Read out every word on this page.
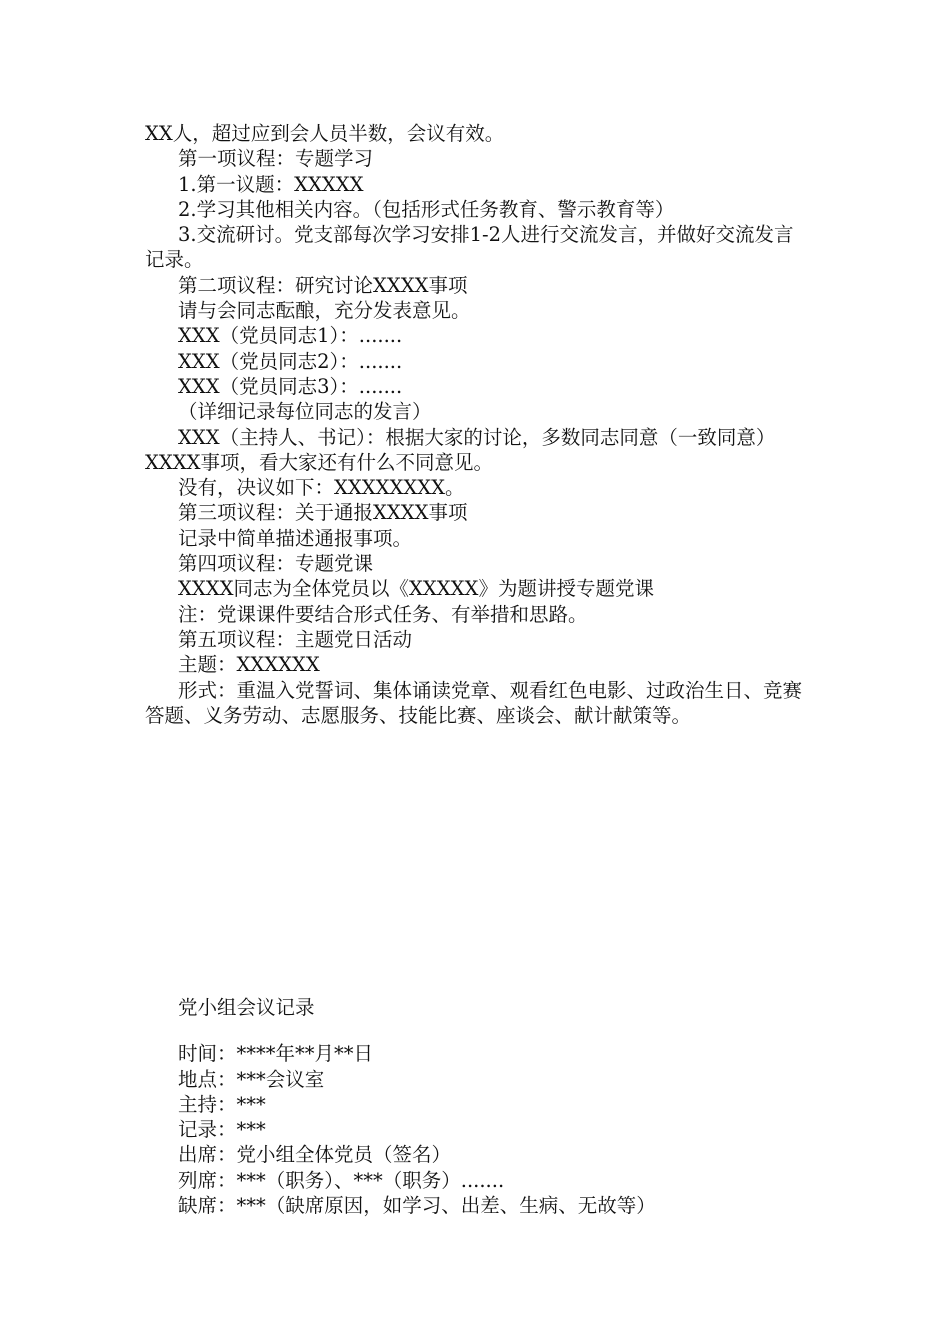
XX人，超过应到会人员半数，会议有效。

第一项议程：专题学习

1.第一议题：XXXXX

2.学习其他相关内容。（包括形式任务教育、警示教育等）

3.交流研讨。党支部每次学习安排1-2人进行交流发言，并做好交流发言记录。

第二项议程：研究讨论XXXX事项

请与会同志酝酿，充分发表意见。

XXX（党员同志1）：.......

XXX（党员同志2）：.......

XXX（党员同志3）：.......

（详细记录每位同志的发言）

XXX（主持人、书记）：根据大家的讨论，多数同志同意（一致同意）XXXX事项，看大家还有什么不同意见。

没有，决议如下：XXXXXXXX。

第三项议程：关于通报XXXX事项

记录中简单描述通报事项。

第四项议程：专题党课

XXXX同志为全体党员以《XXXXX》为题讲授专题党课

注：党课课件要结合形式任务、有举措和思路。

第五项议程：主题党日活动

主题：XXXXXX

形式：重温入党誓词、集体诵读党章、观看红色电影、过政治生日、竞赛答题、义务劳动、志愿服务、技能比赛、座谈会、献计献策等。

党小组会议记录

时间：****年**月**日

地点：***会议室

主持：***

记录：***

出席：党小组全体党员（签名）

列席：***（职务）、***（职务）.......

缺席：***（缺席原因，如学习、出差、生病、无故等）
